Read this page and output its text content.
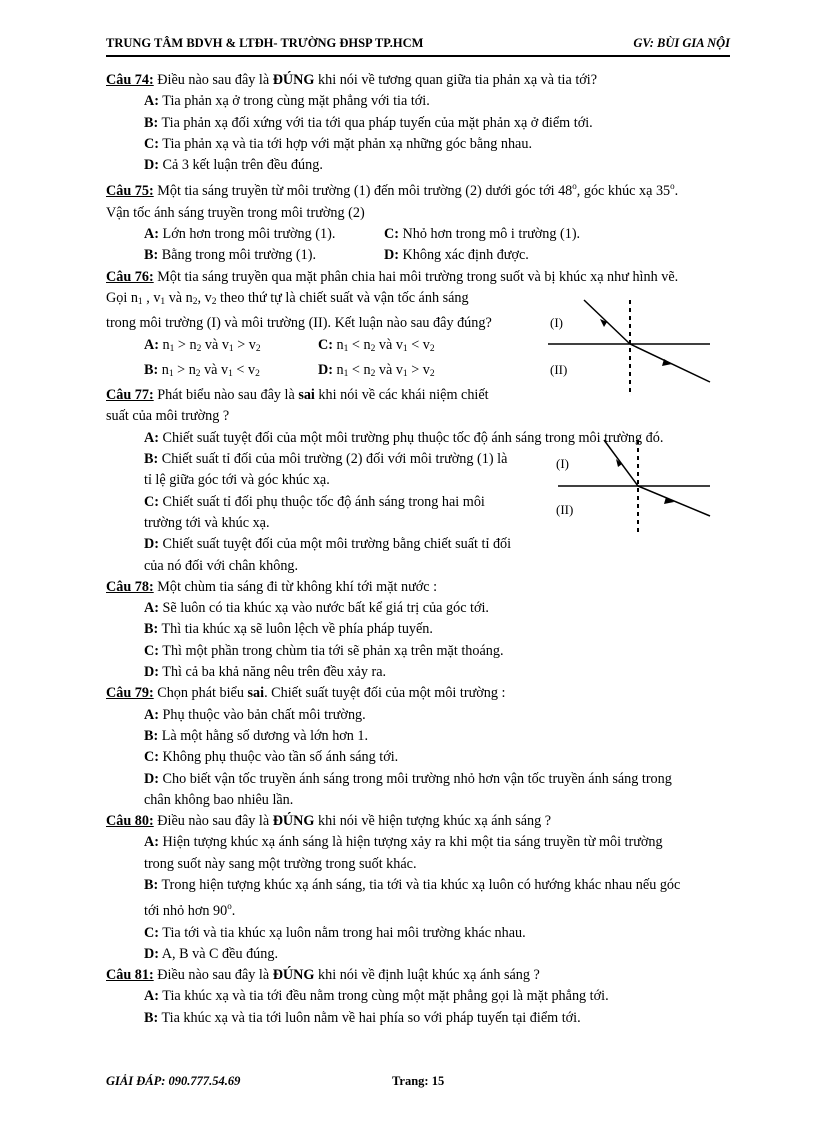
TRUNG TÂM BDVH & LTĐH- TRƯỜNG ĐHSP TP.HCM	GV: BÙI GIA NỘI

Câu 74: Điều nào sau đây là ĐÚNG khi nói về tương quan giữa tia phản xạ và tia tới?

A: Tia phản xạ ở trong cùng mặt phẳng với tia tới.

B: Tia phản xạ đối xứng với tia tới qua pháp tuyến của mặt phản xạ ở điểm tới.

C: Tia phản xạ và tia tới hợp với mặt phản xạ những góc bằng nhau.

D: Cả 3 kết luận trên đều đúng.

Câu 75: Một tia sáng truyền từ môi trường (1) đến môi trường (2) dưới góc tới 48$^o$, góc khúc xạ 35$^o$.

Vận tốc ánh sáng truyền trong môi trường (2)

A: Lớn hơn trong môi trường (1).	C: Nhỏ hơn trong mô i trường (1).
B: Bằng trong môi trường (1).	D: Không xác định được.

Câu 76: Một tia sáng truyền qua mặt phân chia hai môi trường trong suốt và bị khúc xạ như hình vẽ.

Gọi $n_1$ , $v_1$ và $n_2$, $v_2$ theo thứ tự là chiết suất và vận tốc ánh sáng

trong môi trường (I) và môi trường (II). Kết luận nào sau đây đúng?

A: $n_1 > n_2$ và $v_1 > v_2$	C: $n_1 < n_2$ và $v_1 < v_2$
B: $n_1 > n_2$ và $v_1 < v_2$	D: $n_1 < n_2$ và $v_1 > v_2$

Câu 77: Phát biểu nào sau đây là sai khi nói về các khái niệm chiết

suất của môi trường ?

A: Chiết suất tuyệt đối của một môi trường phụ thuộc tốc độ ánh sáng trong môi trường đó.

B: Chiết suất tỉ đối của môi trường (2) đối với môi trường (1) là

tỉ lệ giữa góc tới và góc khúc xạ.

C: Chiết suất tỉ đối phụ thuộc tốc độ ánh sáng trong hai môi

trường tới và khúc xạ.

D: Chiết suất tuyệt đối của một môi trường bằng chiết suất tỉ đối

của nó đối với chân không.

Câu 78: Một chùm tia sáng đi từ không khí tới mặt nước :

A: Sẽ luôn có tia khúc xạ vào nước bất kể giá trị của góc tới.

B: Thì tia khúc xạ sẽ luôn lệch về phía pháp tuyến.

C: Thì một phần trong chùm tia tới sẽ phản xạ trên mặt thoáng.

D: Thì cả ba khả năng nêu trên đều xảy ra.

Câu 79: Chọn phát biểu sai. Chiết suất tuyệt đối của một môi trường :

A: Phụ thuộc vào bản chất môi trường.

B: Là một hằng số dương và lớn hơn 1.

C: Không phụ thuộc vào tần số ánh sáng tới.

D: Cho biết vận tốc truyền ánh sáng trong môi trường nhỏ hơn vận tốc truyền ánh sáng trong

chân không bao nhiêu lần.

Câu 80: Điều nào sau đây là ĐÚNG khi nói về hiện tượng khúc xạ ánh sáng ?

A: Hiện tượng khúc xạ ánh sáng là hiện tượng xảy ra khi một tia sáng truyền từ môi trường

trong suốt này sang một trường trong suốt khác.

B: Trong hiện tượng khúc xạ ánh sáng, tia tới và tia khúc xạ luôn có hướng khác nhau nếu góc

tới nhỏ hơn 90$^o$.

C: Tia tới và tia khúc xạ luôn nằm trong hai môi trường khác nhau.

D: A, B và C đều đúng.

Câu 81: Điều nào sau đây là ĐÚNG khi nói về định luật khúc xạ ánh sáng ?

A: Tia khúc xạ và tia tới đều nằm trong cùng một mặt phẳng gọi là mặt phẳng tới.

B: Tia khúc xạ và tia tới luôn nằm về hai phía so với pháp tuyến tại điểm tới.

(I)
(II)
(I)
(II)
GIẢI ĐÁP: 090.777.54.69	Trang: 15
